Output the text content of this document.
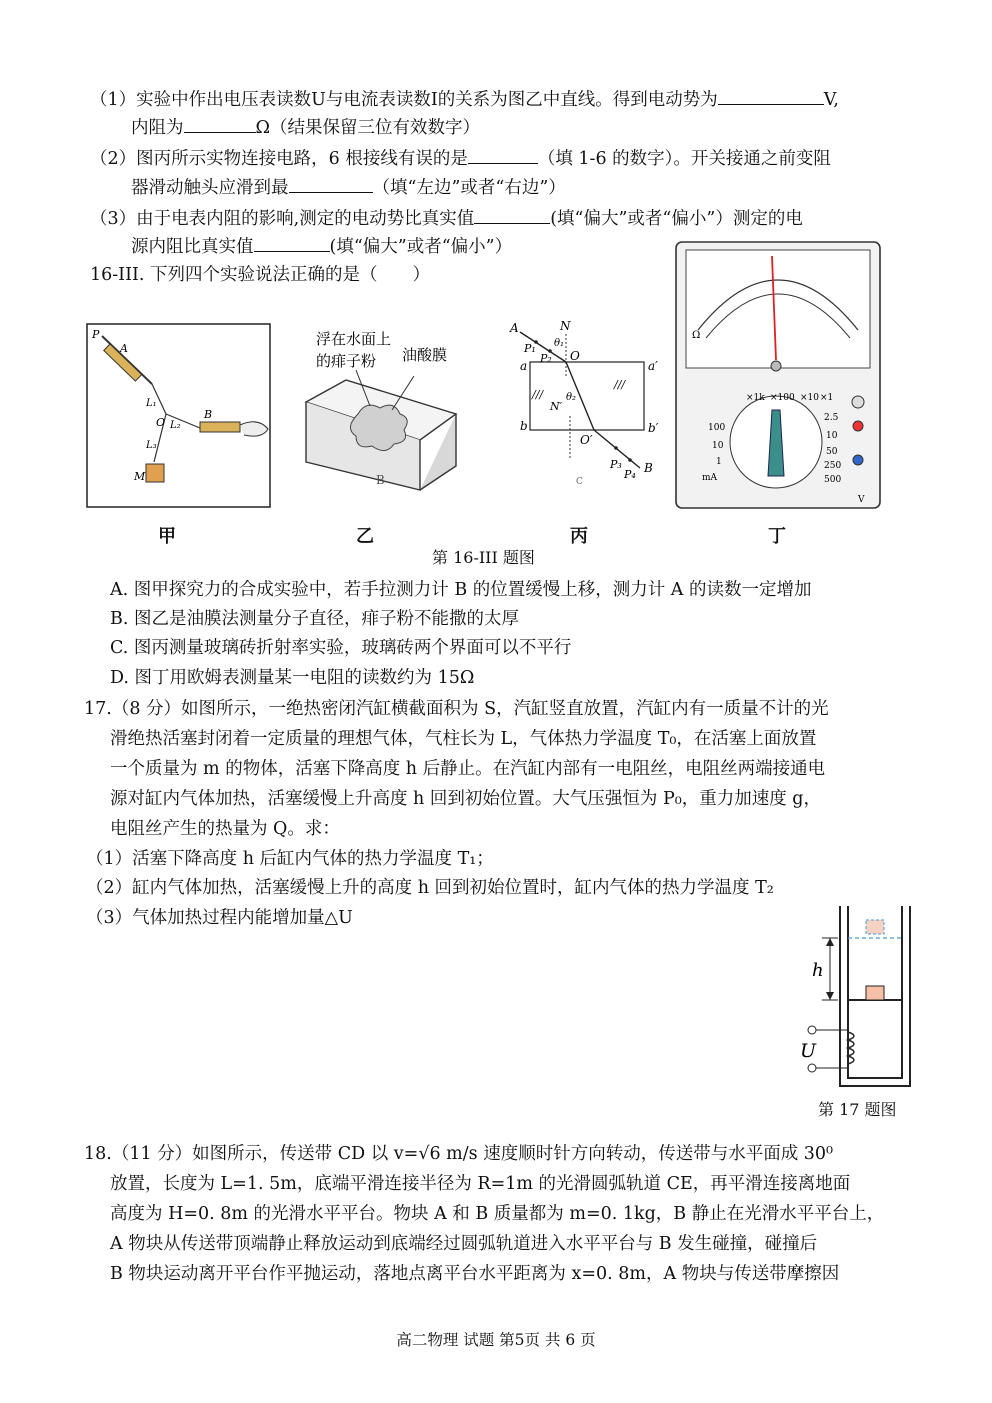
（1）实验中作出电压表读数U与电流表读数I的关系为图乙中直线。得到电动势为	V,
内阻为	Ω（结果保留三位有效数字）
（2）图丙所示实物连接电路，6 根接线有误的是	（填 1-6 的数字）。开关接通之前变阻
器滑动触头应滑到最	（填“左边”或者“右边”）
（3）由于电表内阻的影响,测定的电动势比真实值	(填“偏大”或者“偏小”）测定的电
源内阻比真实值	(填“偏大”或者“偏小”）
16-III. 下列四个实验说法正确的是（　　）
P
A
L₁
O L₂
B
L₃
M
浮在水面上
的痱子粉 油酸膜
B
A	N
P₁
P₂
θ₁
O
a	a′
///
///
N′
θ₂
b	b′
O′
P₃
P₄ B
C
Ω
×1k ×100 ×10 ×1
2.5
10
50
250
500
mA
V
100
10
1
甲	乙	丙	丁
第 16-III 题图
A. 图甲探究力的合成实验中，若手拉测力计 B 的位置缓慢上移，测力计 A 的读数一定增加
B. 图乙是油膜法测量分子直径，痱子粉不能撒的太厚
C. 图丙测量玻璃砖折射率实验，玻璃砖两个界面可以不平行
D. 图丁用欧姆表测量某一电阻的读数约为 15Ω
17.（8 分）如图所示，一绝热密闭汽缸横截面积为 S，汽缸竖直放置，汽缸内有一质量不计的光
滑绝热活塞封闭着一定质量的理想气体，气柱长为 L，气体热力学温度 T₀，在活塞上面放置
一个质量为 m 的物体，活塞下降高度 h 后静止。在汽缸内部有一电阻丝，电阻丝两端接通电
源对缸内气体加热，活塞缓慢上升高度 h 回到初始位置。大气压强恒为 P₀，重力加速度 g，
电阻丝产生的热量为 Q。求：
（1）活塞下降高度 h 后缸内气体的热力学温度 T₁；
（2）缸内气体加热，活塞缓慢上升的高度 h 回到初始位置时，缸内气体的热力学温度 T₂
（3）气体加热过程内能增加量△U
h
U
第 17 题图
18.（11 分）如图所示，传送带 CD 以 v=√6 m/s 速度顺时针方向转动，传送带与水平面成 30⁰
放置，长度为 L=1. 5m，底端平滑连接半径为 R=1m 的光滑圆弧轨道 CE，再平滑连接离地面
高度为 H=0. 8m 的光滑水平平台。物块 A 和 B 质量都为 m=0. 1kg，B 静止在光滑水平平台上，
A 物块从传送带顶端静止释放运动到底端经过圆弧轨道进入水平平台与 B 发生碰撞，碰撞后
B 物块运动离开平台作平抛运动，落地点离平台水平距离为 x=0. 8m，A 物块与传送带摩擦因
高二物理 试题 第5页 共 6 页
